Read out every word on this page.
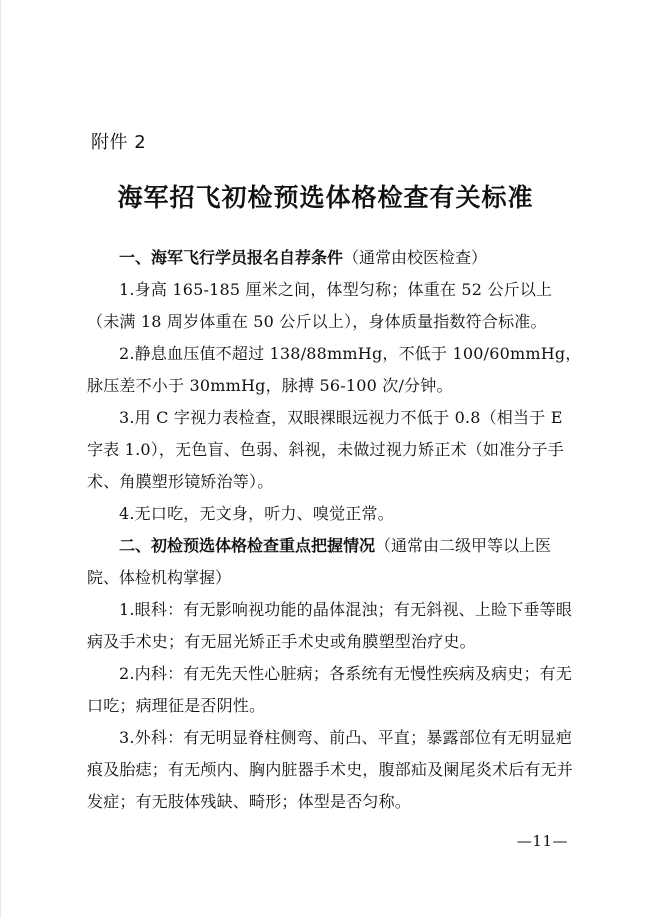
附件 2
海军招飞初检预选体格检查有关标准

一、海军飞行学员报名自荐条件（通常由校医检查）

1.身高 165-185 厘米之间，体型匀称；体重在 52 公斤以上（未满 18 周岁体重在 50 公斤以上），身体质量指数符合标准。

2.静息血压值不超过 138/88mmHg，不低于 100/60mmHg，脉压差不小于 30mmHg，脉搏 56-100 次/分钟。

3.用 C 字视力表检查，双眼裸眼远视力不低于 0.8（相当于 E 字表 1.0），无色盲、色弱、斜视，未做过视力矫正术（如准分子手术、角膜塑形镜矫治等）。

4.无口吃，无文身，听力、嗅觉正常。

二、初检预选体格检查重点把握情况（通常由二级甲等以上医院、体检机构掌握）

1.眼科：有无影响视功能的晶体混浊；有无斜视、上睑下垂等眼病及手术史；有无屈光矫正手术史或角膜塑型治疗史。

2.内科：有无先天性心脏病；各系统有无慢性疾病及病史；有无口吃；病理征是否阴性。

3.外科：有无明显脊柱侧弯、前凸、平直；暴露部位有无明显疤痕及胎痣；有无颅内、胸内脏器手术史，腹部疝及阑尾炎术后有无并发症；有无肢体残缺、畸形；体型是否匀称。

—11—
